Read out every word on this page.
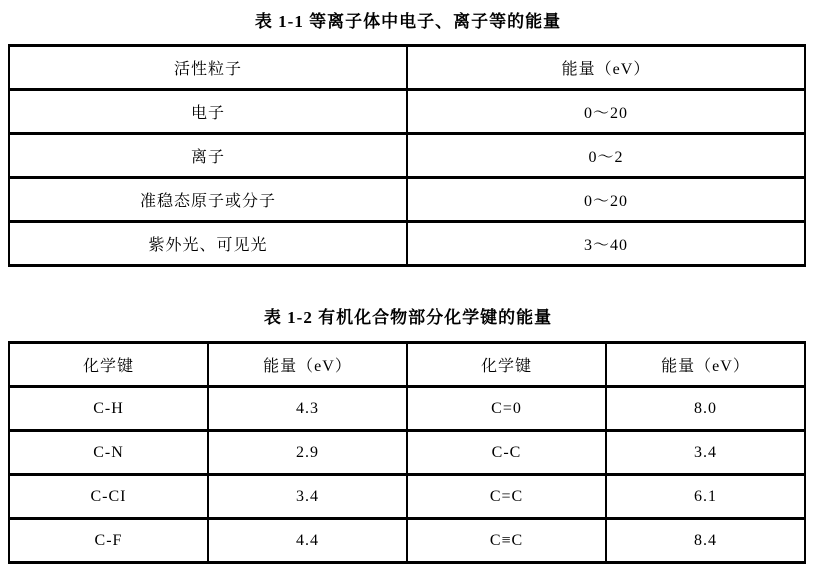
表 1-1 等离子体中电子、离子等的能量
活性粒子	能量（eV）
电子	0～20
离子	0～2
准稳态原子或分子	0～20
紫外光、可见光	3～40
表 1-2 有机化合物部分化学键的能量
化学键	能量（eV）	化学键	能量（eV）
C-H	4.3	C=0	8.0
C-N	2.9	C-C	3.4
C-CI	3.4	C=C	6.1
C-F	4.4	C≡C	8.4
